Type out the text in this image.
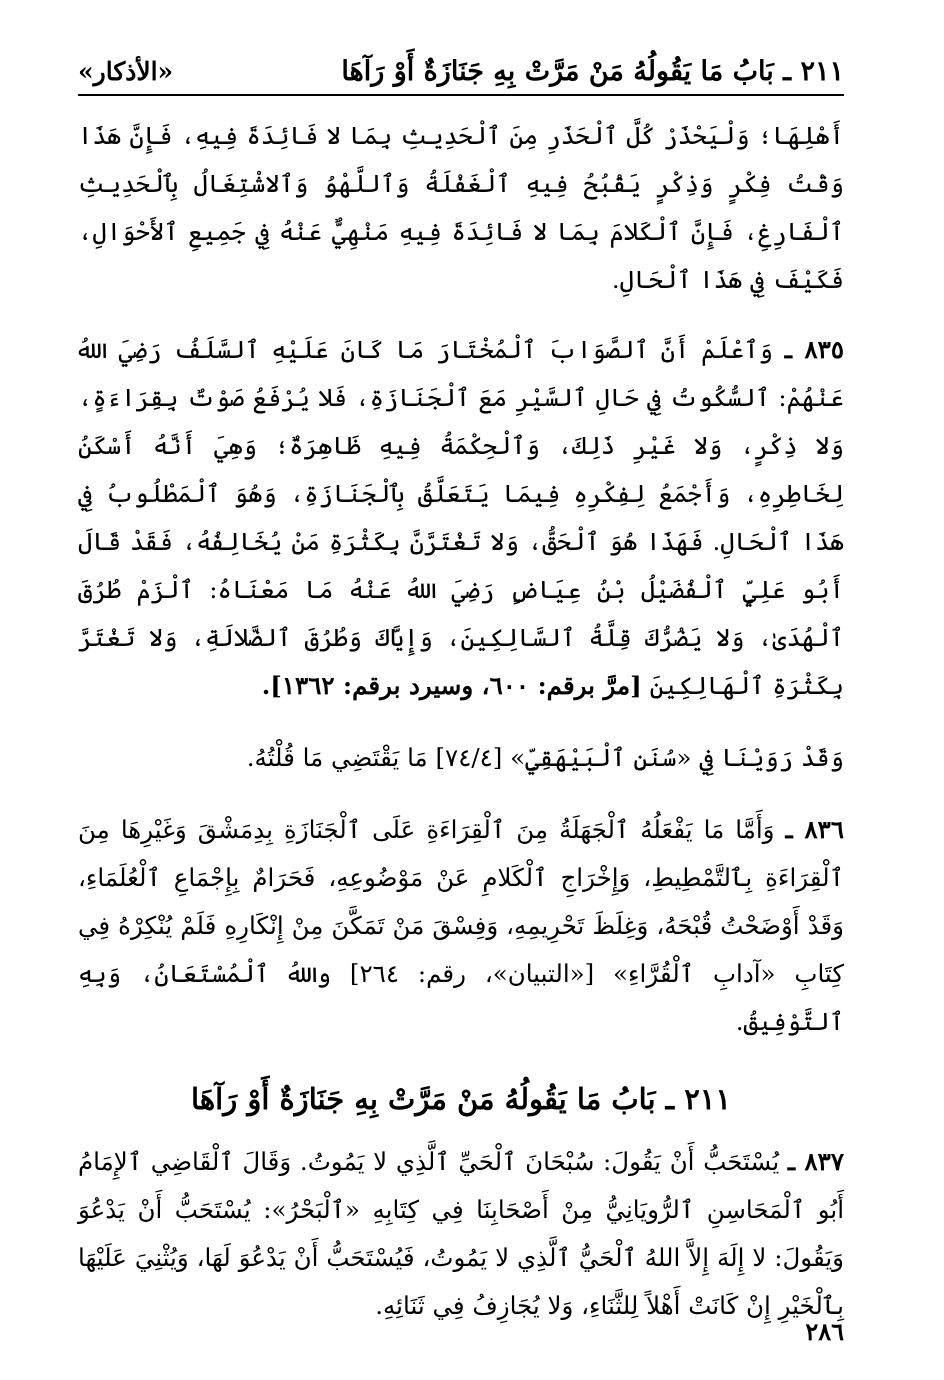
٢١١ ـ بَابُ مَا يَقُولُهُ مَنْ مَرَّتْ بِهِ جَنَازَةٌ أَوْ رَآهَا
«الأذكار»

أَهْلِهَا؛ وَلْيَحْذَرْ كُلَّ ٱلْحَذَرِ مِنَ ٱلْحَدِيثِ بِمَا لا فَائِدَةَ فِيهِ، فَإِنَّ هَذَا وَقْتُ فِكْرٍ وَذِكْرٍ يَقْبُحُ فِيهِ ٱلْغَفْلَةُ وَٱللَّهْوُ وَٱلاشْتِغَالُ بِٱلْحَدِيثِ ٱلْفَارِغِ، فَإِنَّ ٱلْكَلامَ بِمَا لا فَائِدَةَ فِيهِ مَنْهِيٌّ عَنْهُ فِي جَمِيعِ ٱلأَحْوَالِ، فَكَيْفَ فِي هَذَا ٱلْحَالِ.

٨٣٥ ـ وَٱعْلَمْ أَنَّ ٱلصَّوَابَ ٱلْمُخْتَارَ مَا كَانَ عَلَيْهِ ٱلسَّلَفُ رَضِيَ اللهُ عَنْهُمْ: ٱلسُّكُوتُ فِي حَالِ ٱلسَّيْرِ مَعَ ٱلْجَنَازَةِ، فَلا يُرْفَعُ صَوْتٌ بِقِرَاءَةٍ، وَلا ذِكْرٍ، وَلا غَيْرِ ذَلِكَ، وَٱلْحِكْمَةُ فِيهِ ظَاهِرَةٌ؛ وَهِيَ أَنَّهُ أَسْكَنُ لِخَاطِرِهِ، وَأَجْمَعُ لِفِكْرِهِ فِيمَا يَتَعَلَّقُ بِٱلْجَنَازَةِ، وَهُوَ ٱلْمَطْلُوبُ فِي هَذَا ٱلْحَالِ. فَهَذَا هُوَ ٱلْحَقُّ، وَلا تَغْتَرَّنَّ بِكَثْرَةِ مَنْ يُخَالِفُهُ، فَقَدْ قَالَ أَبُو عَلِيٍّ ٱلْفُضَيْلُ بْنُ عِيَاضٍ رَضِيَ اللهُ عَنْهُ مَا مَعْنَاهُ: ٱلْزَمْ طُرُقَ ٱلْهُدَىٰ، وَلا يَضُرُّكَ قِلَّةُ ٱلسَّالِكِينَ، وَإِيَّاكَ وَطُرُقَ ٱلضَّلالَةِ، وَلا تَغْتَرَّ بِكَثْرَةِ ٱلْهَالِكِينَ [مرَّ برقم: ٦٠٠، وسيرد برقم: ١٣٦٢].

وَقَدْ رَوَيْنَا فِي «سُنَنِ ٱلْبَيْهَقِيِّ» [٧٤/٤] مَا يَقْتَضِي مَا قُلْتُهُ.

٨٣٦ ـ وَأَمَّا مَا يَفْعَلُهُ ٱلْجَهَلَةُ مِنَ ٱلْقِرَاءَةِ عَلَى ٱلْجَنَازَةِ بِدِمَشْقَ وَغَيْرِهَا مِنَ ٱلْقِرَاءَةِ بِٱلتَّمْطِيطِ، وَإِخْرَاجِ ٱلْكَلامِ عَنْ مَوْضُوعِهِ، فَحَرَامٌ بِإِجْمَاعِ ٱلْعُلَمَاءِ، وَقَدْ أَوْضَحْتُ قُبْحَهُ، وَغِلَظَ تَحْرِيمِهِ، وَفِسْقَ مَنْ تَمَكَّنَ مِنْ إِنْكَارِهِ فَلَمْ يُنْكِرْهُ فِي كِتَابِ «آدابِ ٱلْقُرَّاءِ» [«التبيان»، رقم: ٢٦٤] واللهُ ٱلْمُسْتَعَانُ، وَبِهِ ٱلتَّوْفِيقُ.

٢١١ ـ بَابُ مَا يَقُولُهُ مَنْ مَرَّتْ بِهِ جَنَازَةٌ أَوْ رَآهَا

٨٣٧ ـ يُسْتَحَبُّ أَنْ يَقُولَ: سُبْحَانَ ٱلْحَيِّ ٱلَّذِي لا يَمُوتُ. وَقَالَ ٱلْقَاضِي ٱلإِمَامُ أَبُو ٱلْمَحَاسِنِ ٱلرُّويَانِيُّ مِنْ أَصْحَابِنَا فِي كِتَابِهِ «ٱلْبَحْرُ»: يُسْتَحَبُّ أَنْ يَدْعُوَ وَيَقُولَ: لا إِلَهَ إِلاَّ اللهُ ٱلْحَيُّ ٱلَّذِي لا يَمُوتُ، فَيُسْتَحَبُّ أَنْ يَدْعُوَ لَهَا، وَيُثْنِيَ عَلَيْهَا بِٱلْخَيْرِ إِنْ كَانَتْ أَهْلاً لِلثَّنَاءِ، وَلا يُجَازِفُ فِي ثَنَائِهِ.

٢٨٦
